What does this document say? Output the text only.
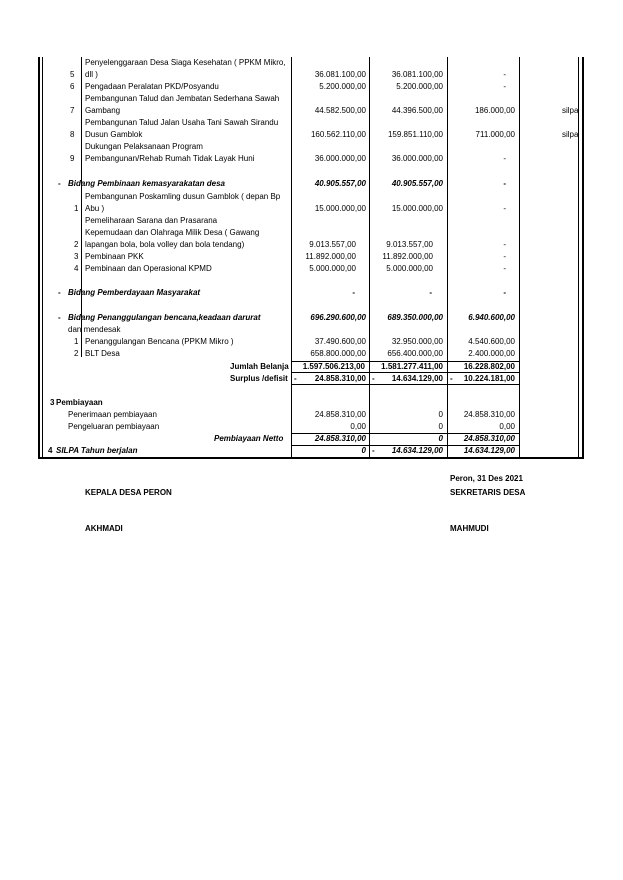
Penyelenggaraan Desa Siaga Kesehatan ( PPKM Mikro,
5 dll )	36.081.100,00	36.081.100,00	-
6 Pengadaan Peralatan PKD/Posyandu	5.200.000,00	5.200.000,00	-
Pembangunan Talud dan Jembatan Sederhana Sawah
7 Gambang	44.582.500,00	44.396.500,00	186.000,00	silpa
Pembangunan Talud Jalan Usaha Tani Sawah Sirandu
8 Dusun Gamblok	160.562.110,00	159.851.110,00	711.000,00	silpa
Dukungan Pelaksanaan Program
9 Pembangunan/Rehab Rumah Tidak Layak Huni	36.000.000,00	36.000.000,00	-
- Bidang Pembinaan kemasyarakatan desa	40.905.557,00	40.905.557,00	-
Pembangunan Poskamling dusun Gamblok ( depan Bp
1 Abu )	15.000.000,00	15.000.000,00	-
Pemeliharaan Sarana dan Prasarana
Kepemudaan dan Olahraga Milik Desa ( Gawang
2 lapangan bola, bola volley dan bola tendang)	9.013.557,00	9.013.557,00	-
3 Pembinaan PKK	11.892.000,00	11.892.000,00	-
4 Pembinaan dan Operasional KPMD	5.000.000,00	5.000.000,00	-
- Bidang Pemberdayaan Masyarakat	-	-	-
- Bidang Penanggulangan bencana,keadaan darurat	696.290.600,00	689.350.000,00	6.940.600,00
dan mendesak
1 Penanggulangan Bencana (PPKM Mikro )	37.490.600,00	32.950.000,00	4.540.600,00
2 BLT Desa	658.800.000,00	656.400.000,00	2.400.000,00
Jumlah Belanja	1.597.506.213,00	1.581.277.411,00	16.228.802,00
Surplus /defisit -	24.858.310,00 -	14.634.129,00 -	10.224.181,00
3 Pembiayaan
Penerimaan pembiayaan	24.858.310,00	0	24.858.310,00
Pengeluaran pembiayaan	0,00	0	0,00
Pembiayaan Netto	24.858.310,00	0	24.858.310,00
4 SILPA Tahun berjalan	0 -	14.634.129,00	14.634.129,00
Peron, 31 Des 2021
KEPALA DESA PERON	SEKRETARIS DESA
AKHMADI	MAHMUDI
